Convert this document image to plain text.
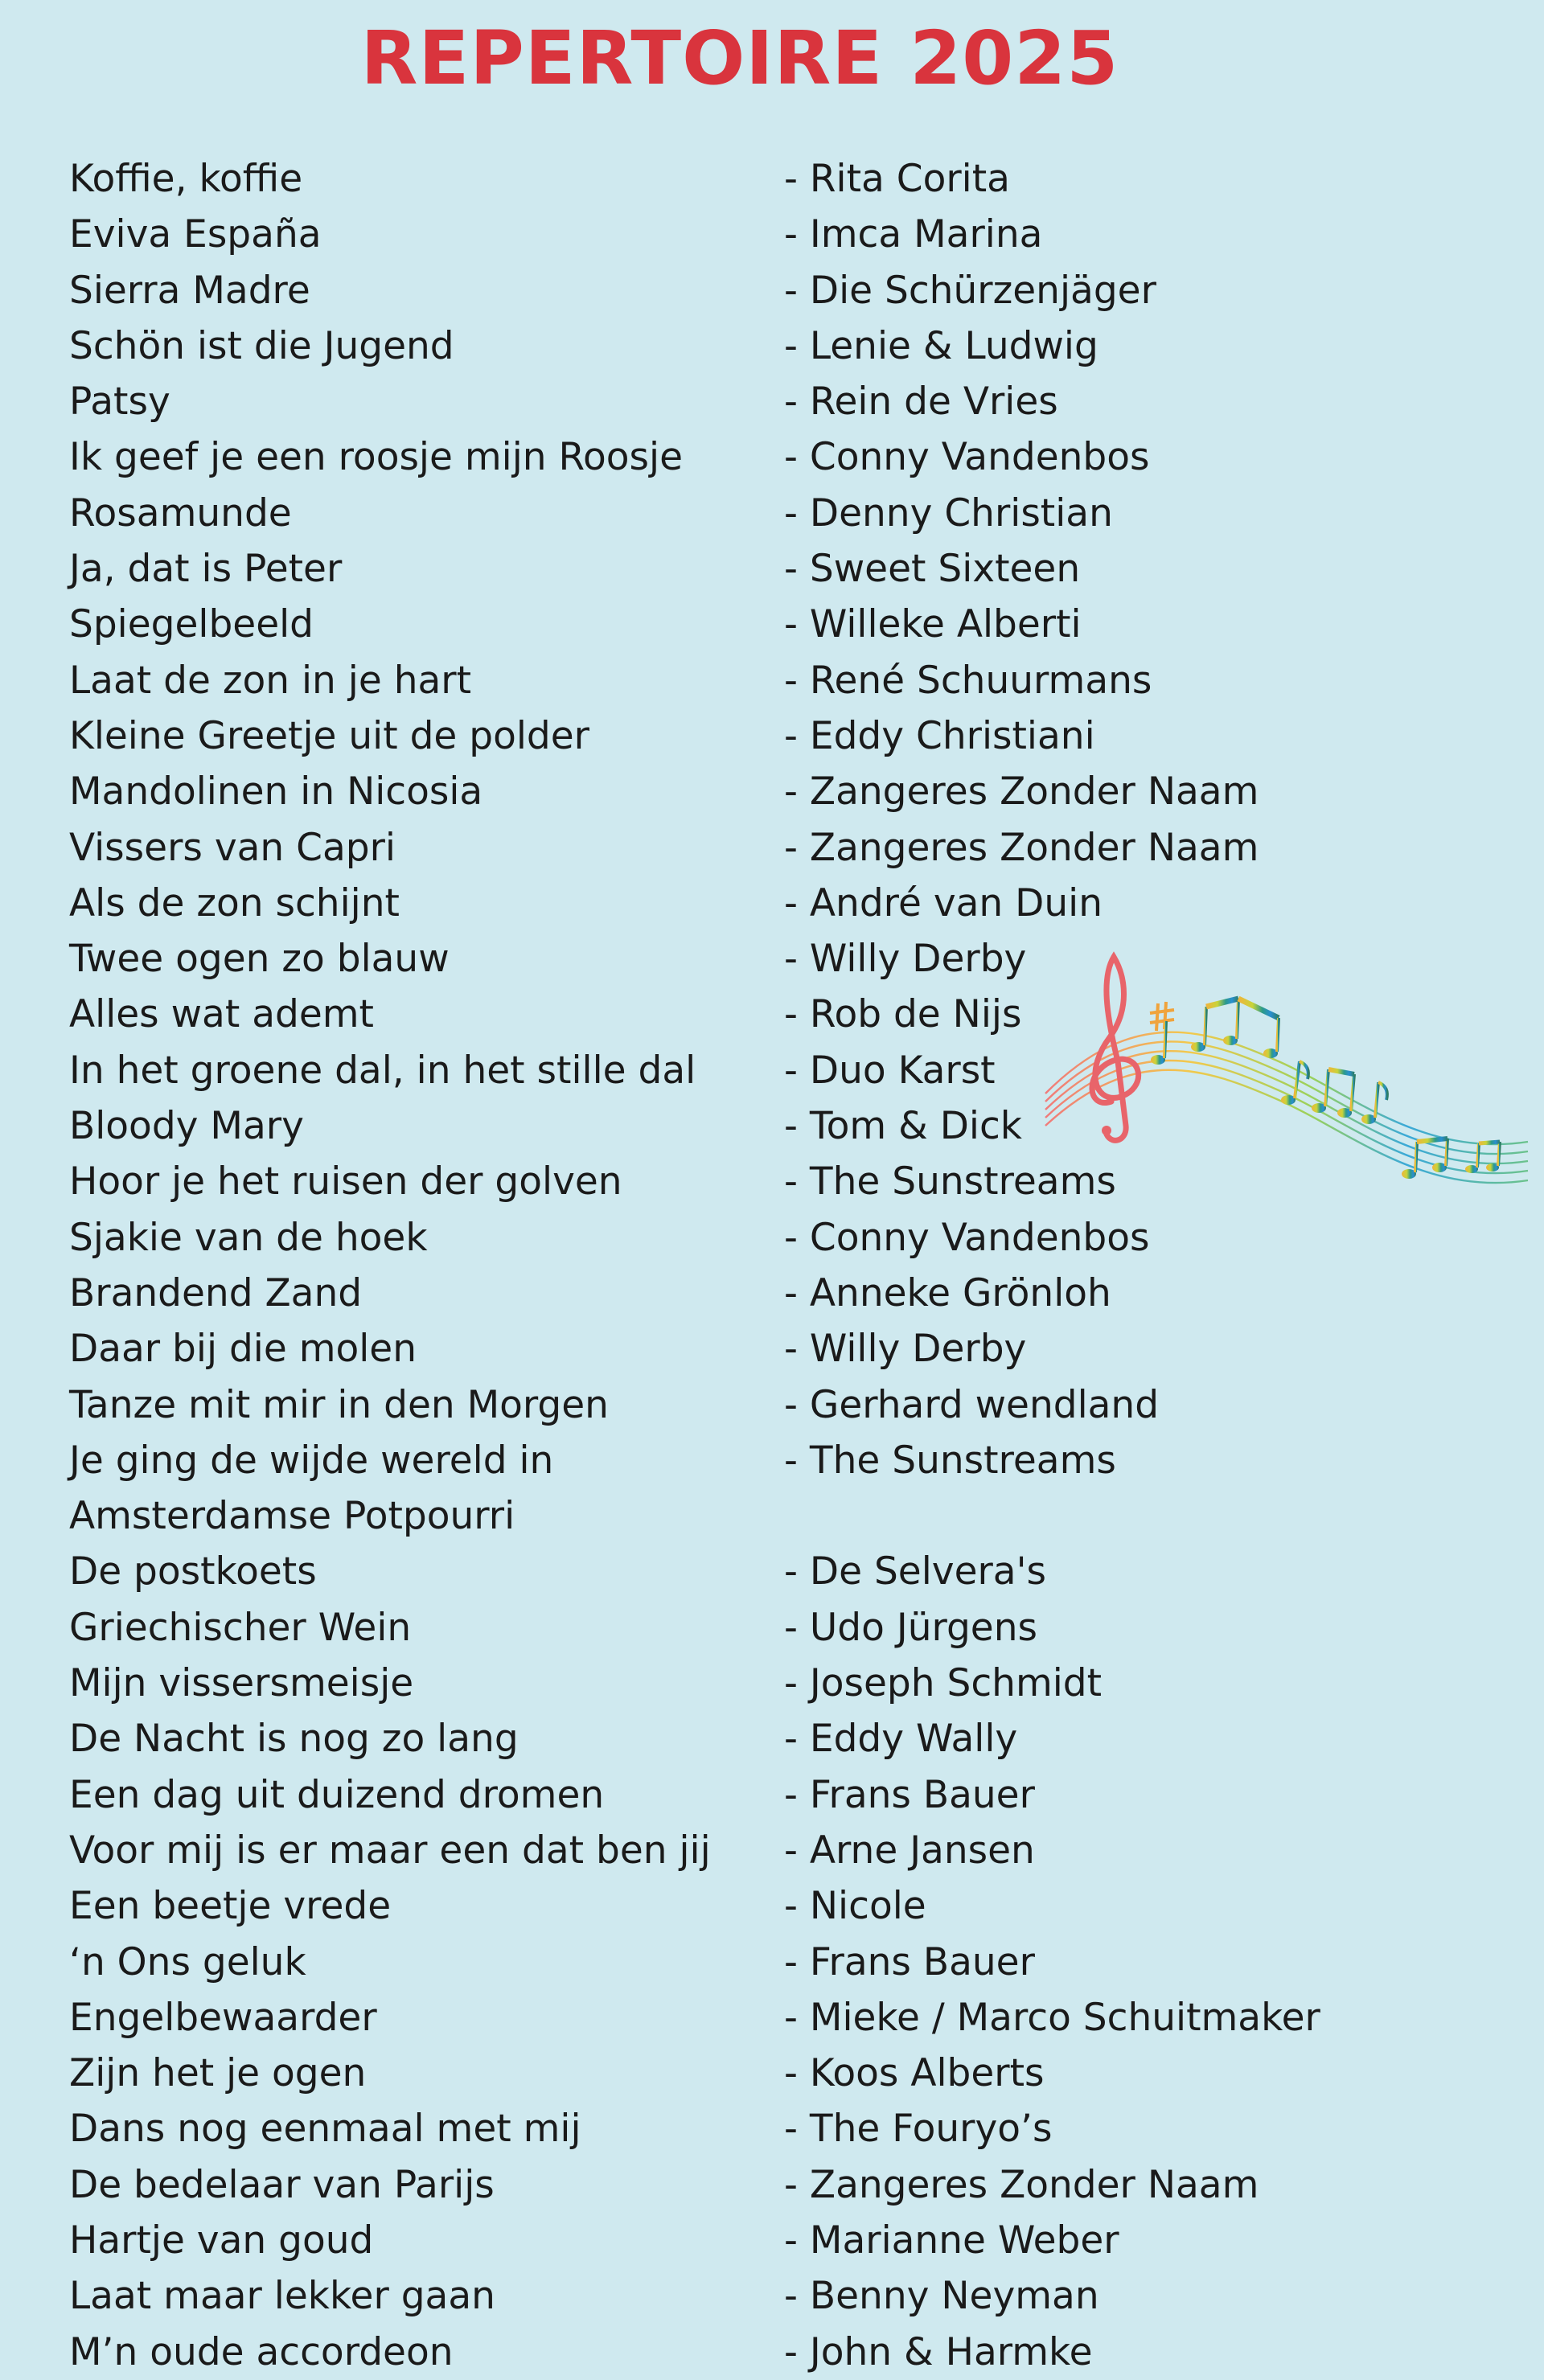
REPERTOIRE 2025
Koffie, koffie	- Rita Corita
Eviva España	- Imca Marina
Sierra Madre	- Die Schürzenjäger
Schön ist die Jugend	- Lenie & Ludwig
Patsy	- Rein de Vries
Ik geef je een roosje mijn Roosje	- Conny Vandenbos
Rosamunde	- Denny Christian
Ja, dat is Peter	- Sweet Sixteen
Spiegelbeeld	- Willeke Alberti
Laat de zon in je hart	- René Schuurmans
Kleine Greetje uit de polder	- Eddy Christiani
Mandolinen in Nicosia	- Zangeres Zonder Naam
Vissers van Capri	- Zangeres Zonder Naam
Als de zon schijnt	- André van Duin
Twee ogen zo blauw	- Willy Derby
Alles wat ademt	- Rob de Nijs
In het groene dal, in het stille dal	- Duo Karst
Bloody Mary	- Tom & Dick
Hoor je het ruisen der golven	- The Sunstreams
Sjakie van de hoek	- Conny Vandenbos
Brandend Zand	- Anneke Grönloh
Daar bij die molen	- Willy Derby
Tanze mit mir in den Morgen	- Gerhard wendland
Je ging de wijde wereld in	- The Sunstreams
Amsterdamse Potpourri
De postkoets	- De Selvera's
Griechischer Wein	- Udo Jürgens
Mijn vissersmeisje	- Joseph Schmidt
De Nacht is nog zo lang	- Eddy Wally
Een dag uit duizend dromen	- Frans Bauer
Voor mij is er maar een dat ben jij	- Arne Jansen
Een beetje vrede	- Nicole
‘n Ons geluk	- Frans Bauer
Engelbewaarder	- Mieke / Marco Schuitmaker
Zijn het je ogen	- Koos Alberts
Dans nog eenmaal met mij	- The Fouryo’s
De bedelaar van Parijs	- Zangeres Zonder Naam
Hartje van goud	- Marianne Weber
Laat maar lekker gaan	- Benny Neyman
M’n oude accordeon	- John & Harmke
